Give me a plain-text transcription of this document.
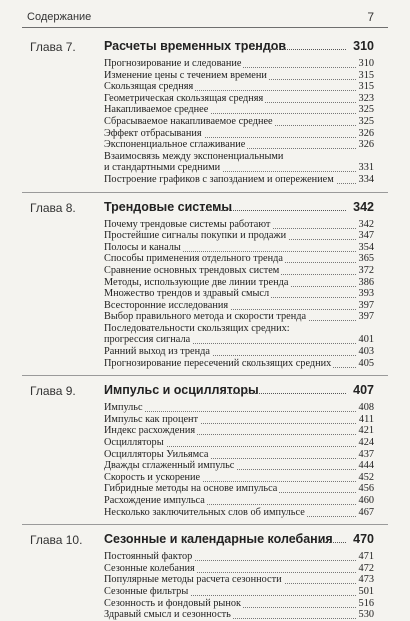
Содержание	7
Глава 7. Расчеты временных трендов	310
Прогнозирование и следование	310
Изменение цены с течением времени	315
Скользящая средняя	315
Геометрическая скользящая средняя	323
Накапливаемое среднее	325
Сбрасываемое накапливаемое среднее	325
Эффект отбрасывания	326
Экспоненциальное сглаживание	326
Взаимосвязь между экспоненциальными
и стандартными средними	331
Построение графиков с запозданием и опережением 334
Глава 8. Трендовые системы	342
Почему трендовые системы работают	342
Простейшие сигналы покупки и продажи	347
Полосы и каналы	354
Способы применения отдельного тренда	365
Сравнение основных трендовых систем	372
Методы, использующие две линии тренда	386
Множество трендов и здравый смысл	393
Всесторонние исследования	397
Выбор правильного метода и скорости тренда	397
Последовательности скользящих средних:
прогрессия сигнала	401
Ранний выход из тренда	403
Прогнозирование пересечений скользящих средних	405
Глава 9. Импульс и осцилляторы	407
Импульс	408
Импульс как процент	411
Индекс расхождения	421
Осцилляторы	424
Осцилляторы Уильямса	437
Дважды сглаженный импульс	444
Скорость и ускорение	452
Гибридные методы на основе импульса	456
Расхождение импульса	460
Несколько заключительных слов об импульсе	467
Глава 10. Сезонные и календарные колебания 470
Постоянный фактор	471
Сезонные колебания	472
Популярные методы расчета сезонности	473
Сезонные фильтры	501
Сезонность и фондовый рынок	516
Здравый смысл и сезонность	530
